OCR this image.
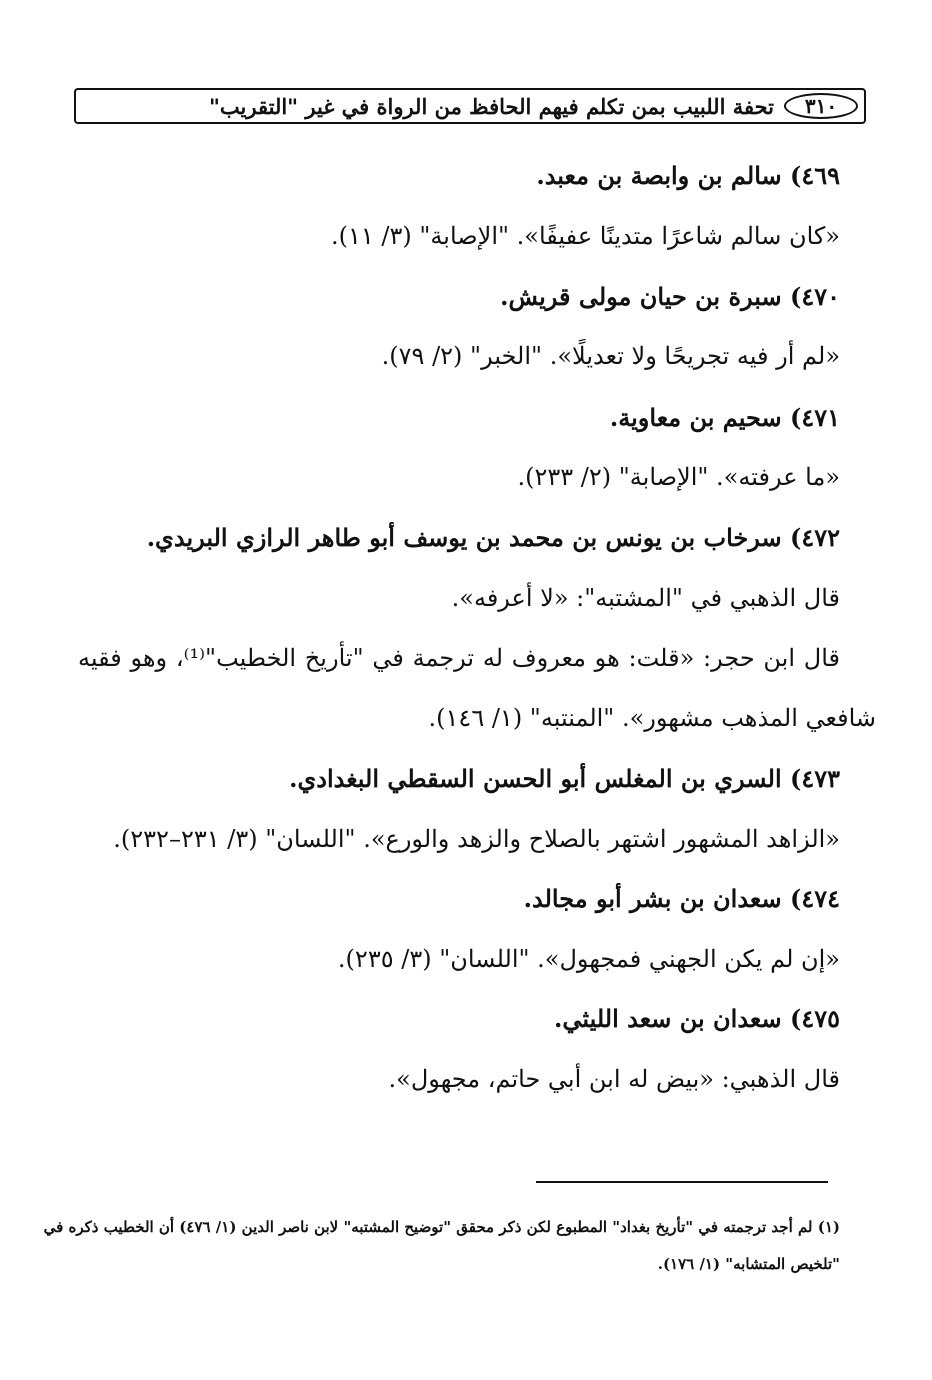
٣١٠
تحفة اللبيب بمن تكلم فيهم الحافظ من الرواة في غير "التقريب"
٤٦٩) سالم بن وابصة بن معبد.
«كان سالم شاعرًا متدينًا عفيفًا». "الإصابة" (٣/ ١١).
٤٧٠) سبرة بن حيان مولى قريش.
«لم أر فيه تجريحًا ولا تعديلًا». "الخبر" (٢/ ٧٩).
٤٧١) سحيم بن معاوية.
«ما عرفته». "الإصابة" (٢/ ٢٣٣).
٤٧٢) سرخاب بن يونس بن محمد بن يوسف أبو طاهر الرازي البريدي.
قال الذهبي في "المشتبه": «لا أعرفه».
قال ابن حجر: «قلت: هو معروف له ترجمة في "تأريخ الخطيب"⁽¹⁾، وهو فقيه
شافعي المذهب مشهور». "المنتبه" (١/ ١٤٦).
٤٧٣) السري بن المغلس أبو الحسن السقطي البغدادي.
«الزاهد المشهور اشتهر بالصلاح والزهد والورع». "اللسان" (٣/ ٢٣١–٢٣٢).
٤٧٤) سعدان بن بشر أبو مجالد.
«إن لم يكن الجهني فمجهول». "اللسان" (٣/ ٢٣٥).
٤٧٥) سعدان بن سعد الليثي.
قال الذهبي: «بيض له ابن أبي حاتم، مجهول».
(١) لم أجد ترجمته في "تأريخ بغداد" المطبوع لكن ذكر محقق "توضيح المشتبه" لابن ناصر الدين (١/ ٤٧٦) أن الخطيب ذكره في
"تلخيص المتشابه" (١/ ١٧٦).
